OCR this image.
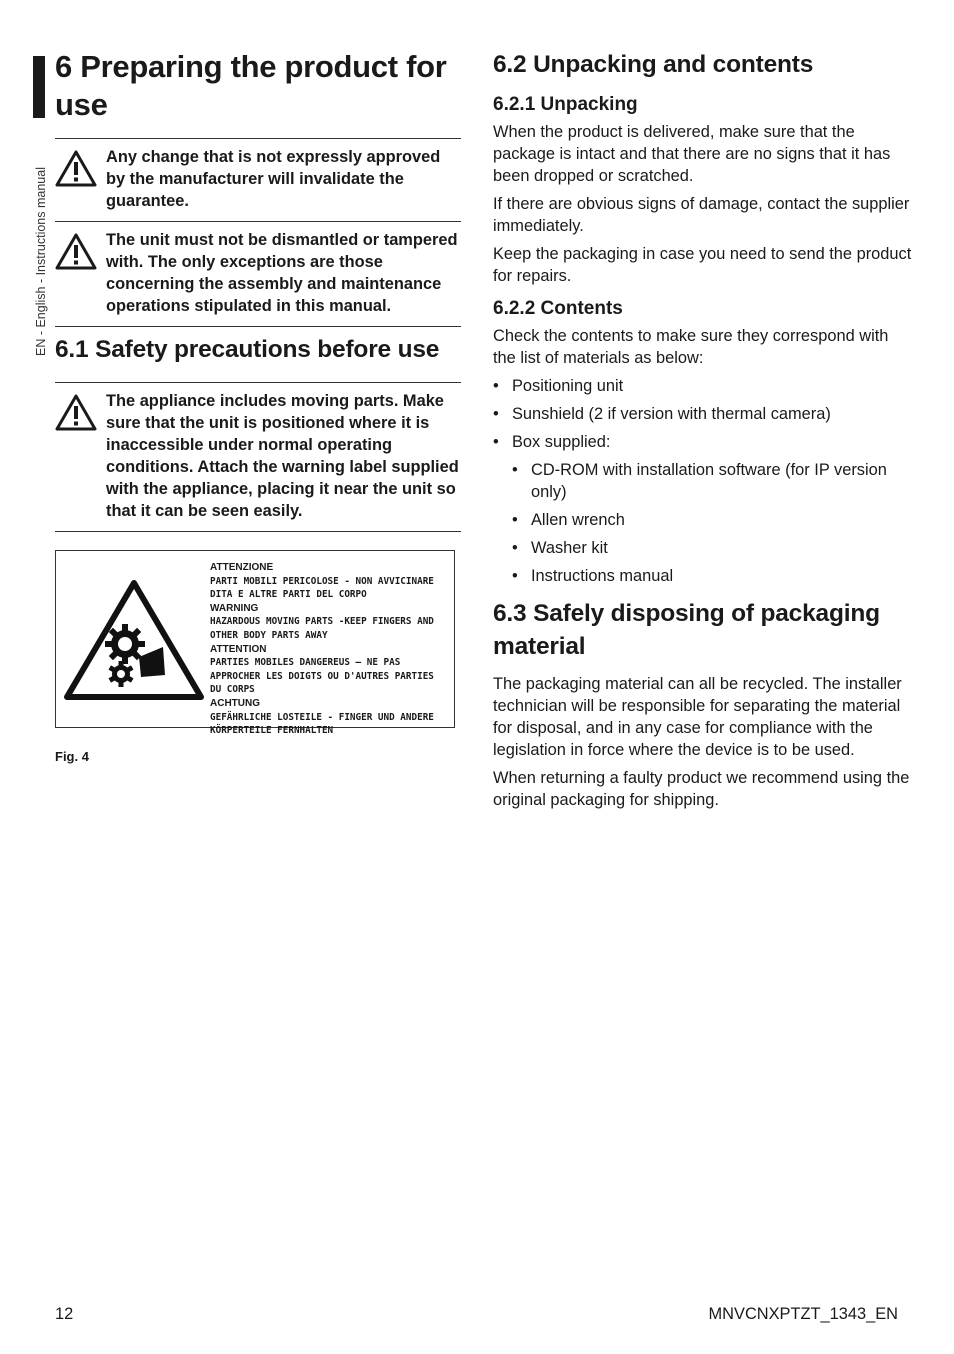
EN - English - Instructions manual
6 Preparing the product for use
Any change that is not expressly approved by the manufacturer will invalidate the guarantee.
The unit must not be dismantled or tampered with. The only exceptions are those concerning the assembly and maintenance operations stipulated in this manual.
6.1 Safety precautions before use
The appliance includes moving parts. Make sure that the unit is positioned where it is inaccessible under normal operating conditions. Attach the warning label supplied with the appliance, placing it near the unit so that it can be seen easily.
ATTENZIONE
PARTI MOBILI PERICOLOSE - NON AVVICINARE DITA E ALTRE PARTI DEL CORPO
WARNING
HAZARDOUS MOVING PARTS -KEEP FINGERS AND OTHER BODY PARTS AWAY
ATTENTION
PARTIES MOBILES DANGEREUS – NE PAS APPROCHER LES DOIGTS OU D'AUTRES PARTIES DU CORPS
ACHTUNG
GEFÄHRLICHE LOSTEILE - FINGER UND ANDERE KÖRPERTEILE FERNHALTEN
Fig. 4
6.2 Unpacking and contents
6.2.1 Unpacking

When the product is delivered, make sure that the package is intact and that there are no signs that it has been dropped or scratched.

If there are obvious signs of damage, contact the supplier immediately.

Keep the packaging in case you need to send the product for repairs.

6.2.2 Contents

Check the contents to make sure they correspond with the list of materials as below:

• Positioning unit
• Sunshield (2 if version with thermal camera)
• Box supplied:
• CD-ROM with installation software (for IP version only)
• Allen wrench
• Washer kit
• Instructions manual
6.3 Safely disposing of packaging material

The packaging material can all be recycled. The installer technician will be responsible for separating the material for disposal, and in any case for compliance with the legislation in force where the device is to be used.

When returning a faulty product we recommend using the original packaging for shipping.

12	MNVCNXPTZT_1343_EN
